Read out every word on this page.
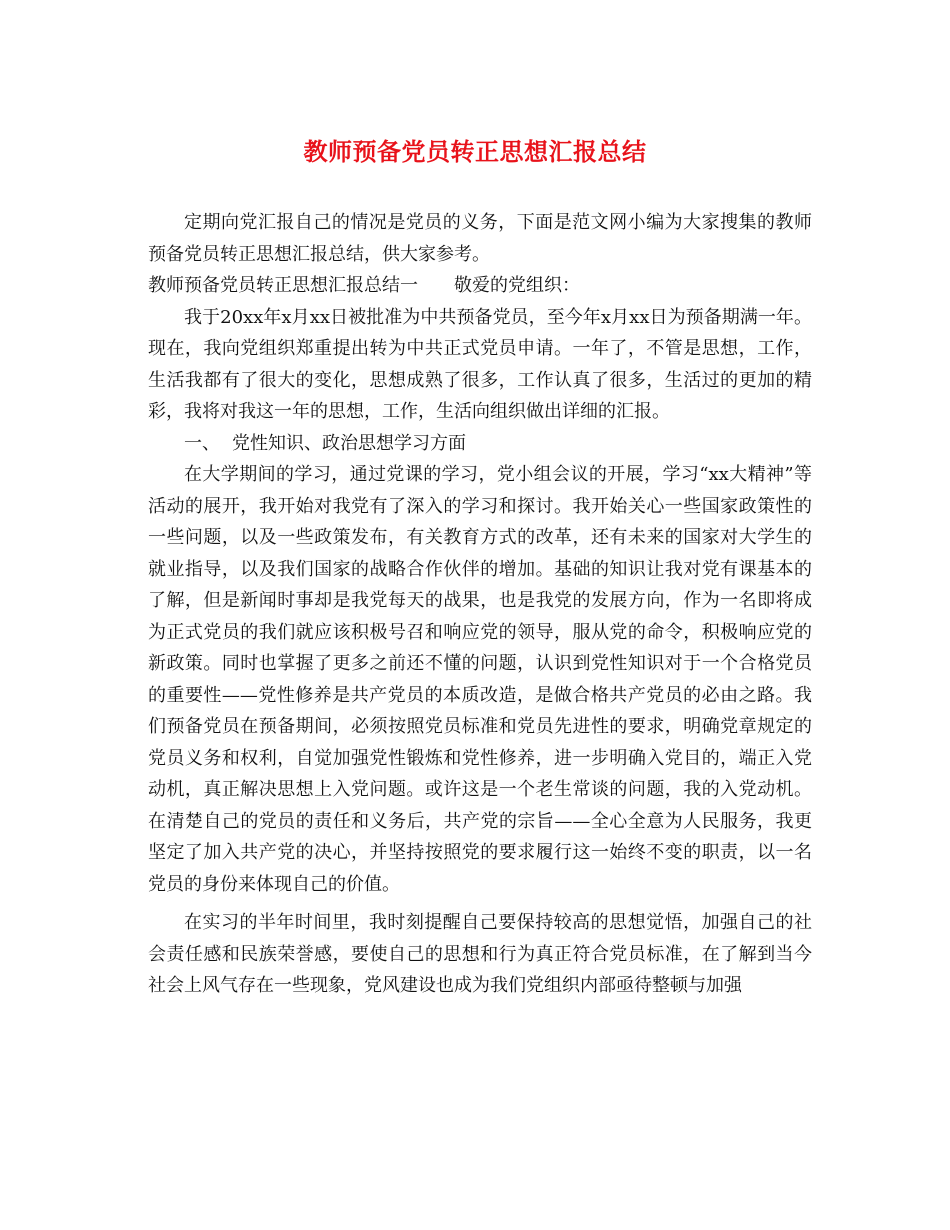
教师预备党员转正思想汇报总结

定期向党汇报自己的情况是党员的义务，下面是范文网小编为大家搜集的教师预备党员转正思想汇报总结，供大家参考。

教师预备党员转正思想汇报总结一 敬爱的党组织：

我于20xx年x月xx日被批准为中共预备党员，至今年x月xx日为预备期满一年。现在，我向党组织郑重提出转为中共正式党员申请。一年了，不管是思想，工作，生活我都有了很大的变化，思想成熟了很多，工作认真了很多，生活过的更加的精彩，我将对我这一年的思想，工作，生活向组织做出详细的汇报。

一、 党性知识、政治思想学习方面

在大学期间的学习，通过党课的学习，党小组会议的开展，学习“xx大精神”等活动的展开，我开始对我党有了深入的学习和探讨。我开始关心一些国家政策性的一些问题，以及一些政策发布，有关教育方式的改革，还有未来的国家对大学生的就业指导，以及我们国家的战略合作伙伴的增加。基础的知识让我对党有课基本的了解，但是新闻时事却是我党每天的战果，也是我党的发展方向，作为一名即将成为正式党员的我们就应该积极号召和响应党的领导，服从党的命令，积极响应党的新政策。同时也掌握了更多之前还不懂的问题，认识到党性知识对于一个合格党员的重要性——党性修养是共产党员的本质改造，是做合格共产党员的必由之路。我们预备党员在预备期间，必须按照党员标准和党员先进性的要求，明确党章规定的党员义务和权利，自觉加强党性锻炼和党性修养，进一步明确入党目的，端正入党动机，真正解决思想上入党问题。或许这是一个老生常谈的问题，我的入党动机。在清楚自己的党员的责任和义务后，共产党的宗旨——全心全意为人民服务，我更坚定了加入共产党的决心，并坚持按照党的要求履行这一始终不变的职责，以一名党员的身份来体现自己的价值。

在实习的半年时间里，我时刻提醒自己要保持较高的思想觉悟，加强自己的社会责任感和民族荣誉感，要使自己的思想和行为真正符合党员标准，在了解到当今社会上风气存在一些现象，党风建设也成为我们党组织内部亟待整顿与加强
